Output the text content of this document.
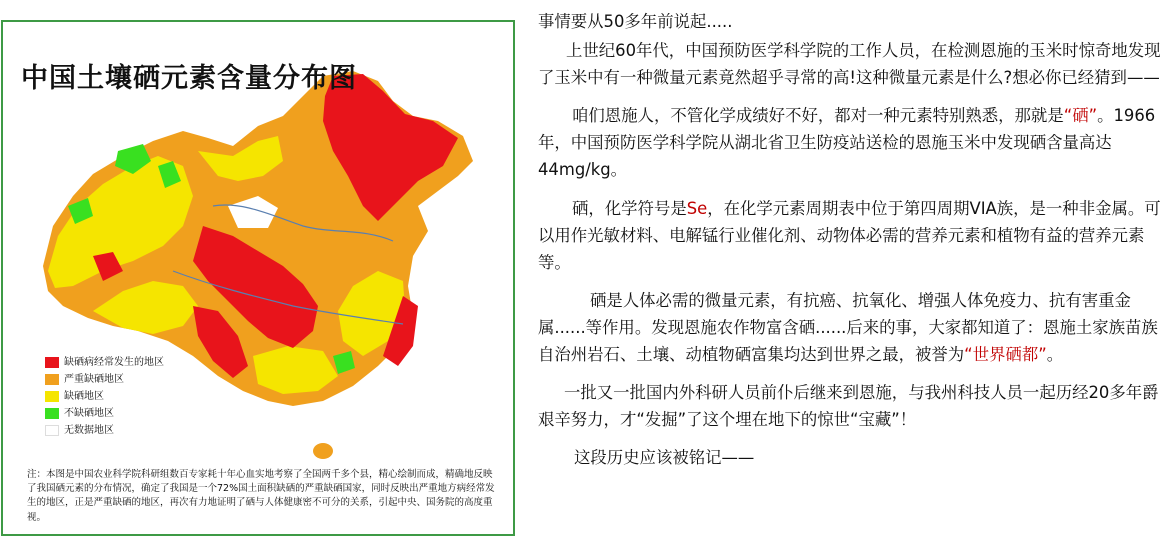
中国土壤硒元素含量分布图
缺硒病经常发生的地区
严重缺硒地区
缺硒地区
不缺硒地区
无数据地区

注：本图是中国农业科学院科研组数百专家耗十年心血实地考察了全国两千多个县，精心绘制而成，精确地反映了我国硒元素的分布情况，确定了我国是一个72%国土面积缺硒的严重缺硒国家，同时反映出严重地方病经常发生的地区，正是严重缺硒的地区，再次有力地证明了硒与人体健康密不可分的关系，引起中央、国务院的高度重视。

事情要从50多年前说起.....

上世纪60年代，中国预防医学科学院的工作人员，在检测恩施的玉米时惊奇地发现了玉米中有一种微量元素竟然超乎寻常的高!这种微量元素是什么?想必你已经猜到——

咱们恩施人，不管化学成绩好不好，都对一种元素特别熟悉，那就是“硒”。1966年，中国预防医学科学院从湖北省卫生防疫站送检的恩施玉米中发现硒含量高达44mg/kg。

硒，化学符号是Se，在化学元素周期表中位于第四周期VIA族，是一种非金属。可以用作光敏材料、电解锰行业催化剂、动物体必需的营养元素和植物有益的营养元素等。

硒是人体必需的微量元素，有抗癌、抗氧化、增强人体免疫力、抗有害重金属......等作用。发现恩施农作物富含硒......后来的事，大家都知道了：恩施土家族苗族自治州岩石、土壤、动植物硒富集均达到世界之最，被誉为“世界硒都”。

一批又一批国内外科研人员前仆后继来到恩施，与我州科技人员一起历经20多年爵艰辛努力，才“发掘”了这个埋在地下的惊世“宝藏”！

这段历史应该被铭记——
